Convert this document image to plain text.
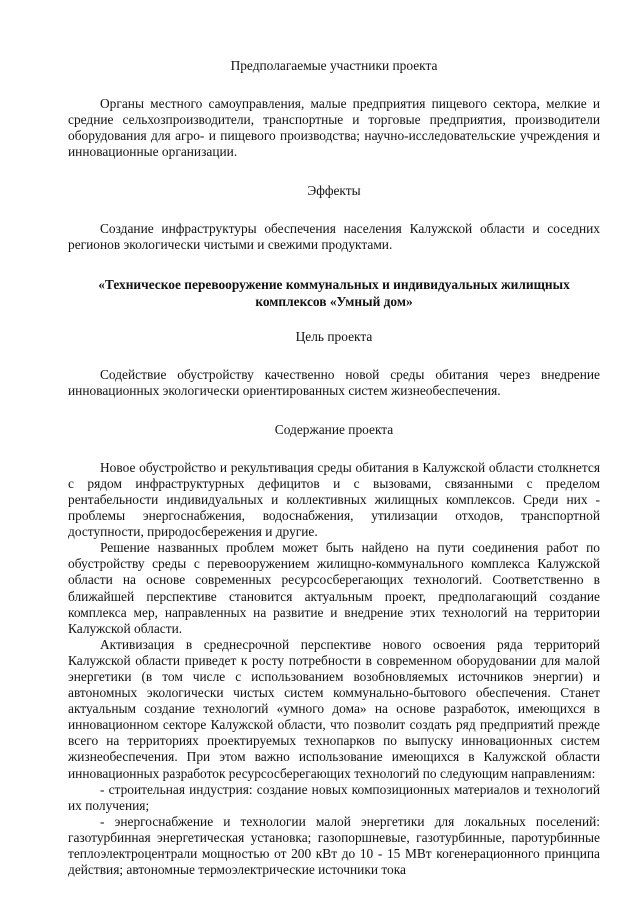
Предполагаемые участники проекта

Органы местного самоуправления, малые предприятия пищевого сектора, мелкие и средние сельхозпроизводители, транспортные и торговые предприятия, производители оборудования для агро- и пищевого производства; научно-исследовательские учреждения и инновационные организации.

Эффекты

Создание инфраструктуры обеспечения населения Калужской области и соседних регионов экологически чистыми и свежими продуктами.

«Техническое перевооружение коммунальных и индивидуальных жилищных комплексов «Умный дом»

Цель проекта

Содействие обустройству качественно новой среды обитания через внедрение инновационных экологически ориентированных систем жизнеобеспечения.

Содержание проекта

Новое обустройство и рекультивация среды обитания в Калужской области столкнется с рядом инфраструктурных дефицитов и с вызовами, связанными с пределом рентабельности индивидуальных и коллективных жилищных комплексов. Среди них - проблемы энергоснабжения, водоснабжения, утилизации отходов, транспортной доступности, природосбережения и другие.

Решение названных проблем может быть найдено на пути соединения работ по обустройству среды с перевооружением жилищно-коммунального комплекса Калужской области на основе современных ресурсосберегающих технологий. Соответственно в ближайшей перспективе становится актуальным проект, предполагающий создание комплекса мер, направленных на развитие и внедрение этих технологий на территории Калужской области.

Активизация в среднесрочной перспективе нового освоения ряда территорий Калужской области приведет к росту потребности в современном оборудовании для малой энергетики (в том числе с использованием возобновляемых источников энергии) и автономных экологически чистых систем коммунально-бытового обеспечения. Станет актуальным создание технологий «умного дома» на основе разработок, имеющихся в инновационном секторе Калужской области, что позволит создать ряд предприятий прежде всего на территориях проектируемых технопарков по выпуску инновационных систем жизнеобеспечения. При этом важно использование имеющихся в Калужской области инновационных разработок ресурсосберегающих технологий по следующим направлениям:

- строительная индустрия: создание новых композиционных материалов и технологий их получения;

- энергоснабжение и технологии малой энергетики для локальных поселений: газотурбинная энергетическая установка; газопоршневые, газотурбинные, паротурбинные теплоэлектроцентрали мощностью от 200 кВт до 10 - 15 МВт когенерационного принципа действия; автономные термоэлектрические источники тока
